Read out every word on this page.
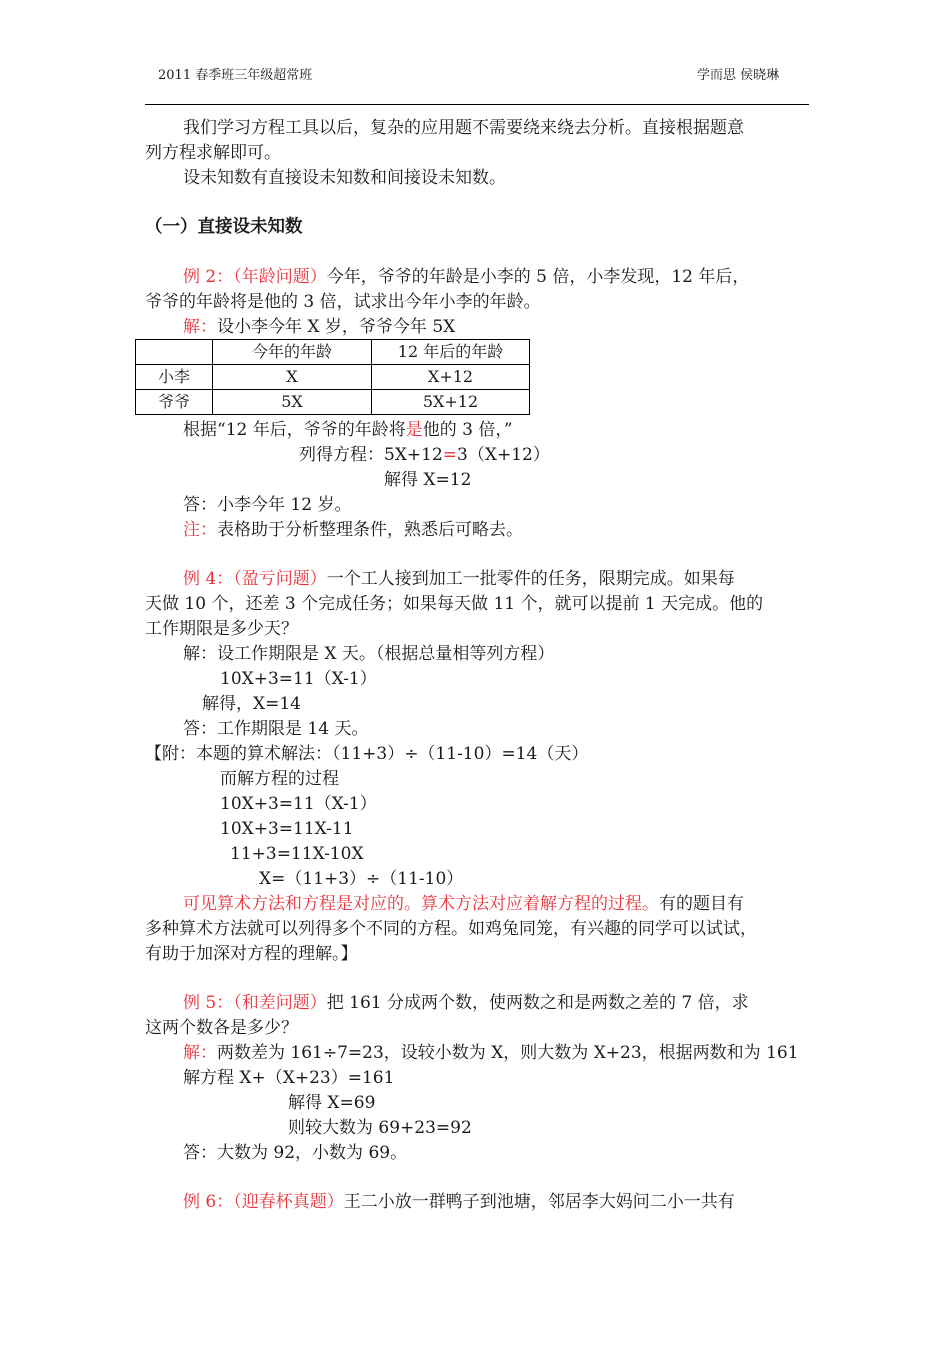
2011 春季班三年级超常班	学而思 侯晓琳
我们学习方程工具以后，复杂的应用题不需要绕来绕去分析。直接根据题意
列方程求解即可。
设未知数有直接设未知数和间接设未知数。
（一）直接设未知数
例 2：（年龄问题）今年，爷爷的年龄是小李的 5 倍，小李发现，12 年后，
爷爷的年龄将是他的 3 倍，试求出今年小李的年龄。
解：设小李今年 X 岁，爷爷今年 5X
	今年的年龄	12 年后的年龄
小李	X	X+12
爷爷	5X	5X+12
根据“12 年后，爷爷的年龄将是他的 3 倍，”
列得方程：5X+12=3（X+12）
解得 X=12
答：小李今年 12 岁。
注：表格助于分析整理条件，熟悉后可略去。
例 4：（盈亏问题）一个工人接到加工一批零件的任务，限期完成。如果每
天做 10 个，还差 3 个完成任务；如果每天做 11 个，就可以提前 1 天完成。他的
工作期限是多少天？
解：设工作期限是 X 天。（根据总量相等列方程）
10X+3=11（X-1）
解得，X=14
答：工作期限是 14 天。
【附：本题的算术解法：（11+3）÷（11-10）=14（天）
而解方程的过程
10X+3=11（X-1）
10X+3=11X-11
11+3=11X-10X
X=（11+3）÷（11-10）
可见算术方法和方程是对应的。算术方法对应着解方程的过程。有的题目有
多种算术方法就可以列得多个不同的方程。如鸡兔同笼，有兴趣的同学可以试试，
有助于加深对方程的理解。】
例 5：（和差问题）把 161 分成两个数，使两数之和是两数之差的 7 倍，求
这两个数各是多少？
解：两数差为 161÷7=23，设较小数为 X，则大数为 X+23，根据两数和为 161
解方程 X+（X+23）=161
解得 X=69
则较大数为 69+23=92
答：大数为 92，小数为 69。
例 6：（迎春杯真题）王二小放一群鸭子到池塘，邻居李大妈问二小一共有
